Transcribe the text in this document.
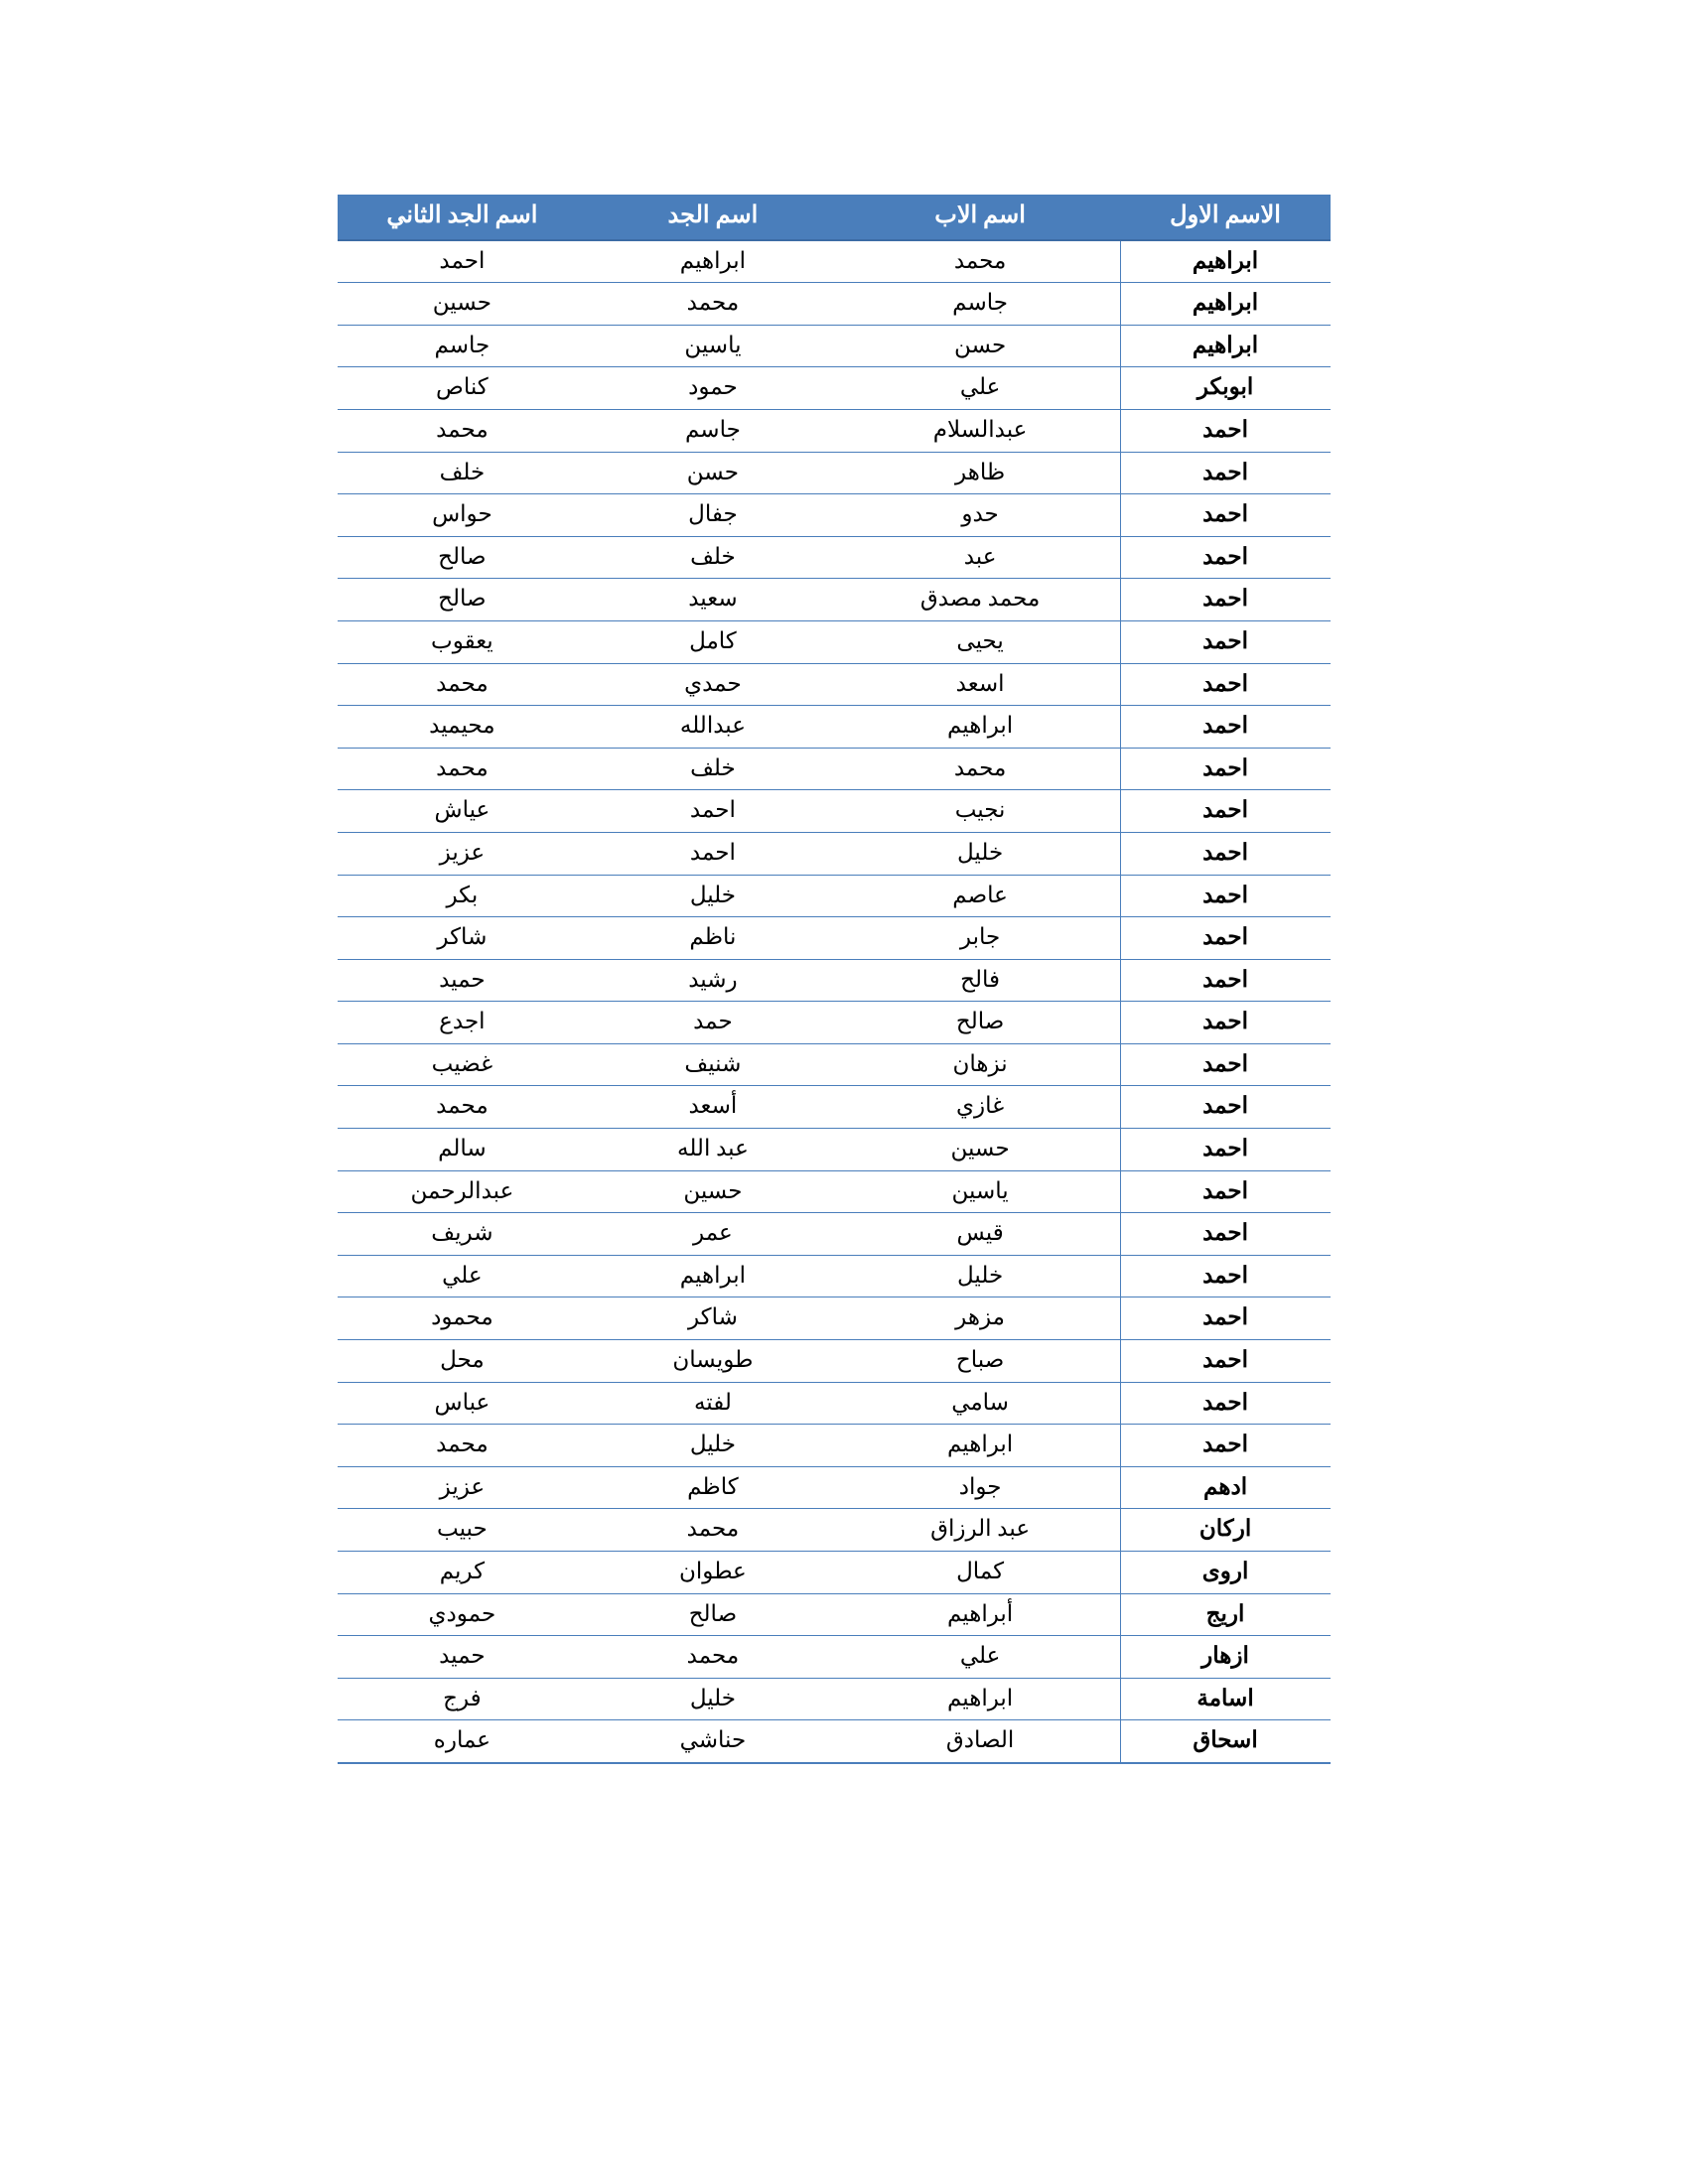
الاسم الاول	اسم الاب	اسم الجد	اسم الجد الثاني
ابراهيم	محمد	ابراهيم	احمد
ابراهيم	جاسم	محمد	حسين
ابراهيم	حسن	ياسين	جاسم
ابوبكر	علي	حمود	كناص
احمد	عبدالسلام	جاسم	محمد
احمد	ظاهر	حسن	خلف
احمد	حدو	جفال	حواس
احمد	عبد	خلف	صالح
احمد	محمد مصدق	سعيد	صالح
احمد	يحيى	كامل	يعقوب
احمد	اسعد	حمدي	محمد
احمد	ابراهيم	عبدالله	محيميد
احمد	محمد	خلف	محمد
احمد	نجيب	احمد	عياش
احمد	خليل	احمد	عزيز
احمد	عاصم	خليل	بكر
احمد	جابر	ناظم	شاكر
احمد	فالح	رشيد	حميد
احمد	صالح	حمد	اجدع
احمد	نزهان	شنيف	غضيب
احمد	غازي	أسعد	محمد
احمد	حسين	عبد الله	سالم
احمد	ياسين	حسين	عبدالرحمن
احمد	قيس	عمر	شريف
احمد	خليل	ابراهيم	علي
احمد	مزهر	شاكر	محمود
احمد	صباح	طويسان	محل
احمد	سامي	لفته	عباس
احمد	ابراهيم	خليل	محمد
ادهم	جواد	كاظم	عزيز
اركان	عبد الرزاق	محمد	حبيب
اروى	كمال	عطوان	كريم
اريج	أبراهيم	صالح	حمودي
ازهار	علي	محمد	حميد
اسامة	ابراهيم	خليل	فرج
اسحاق	الصادق	حناشي	عماره
